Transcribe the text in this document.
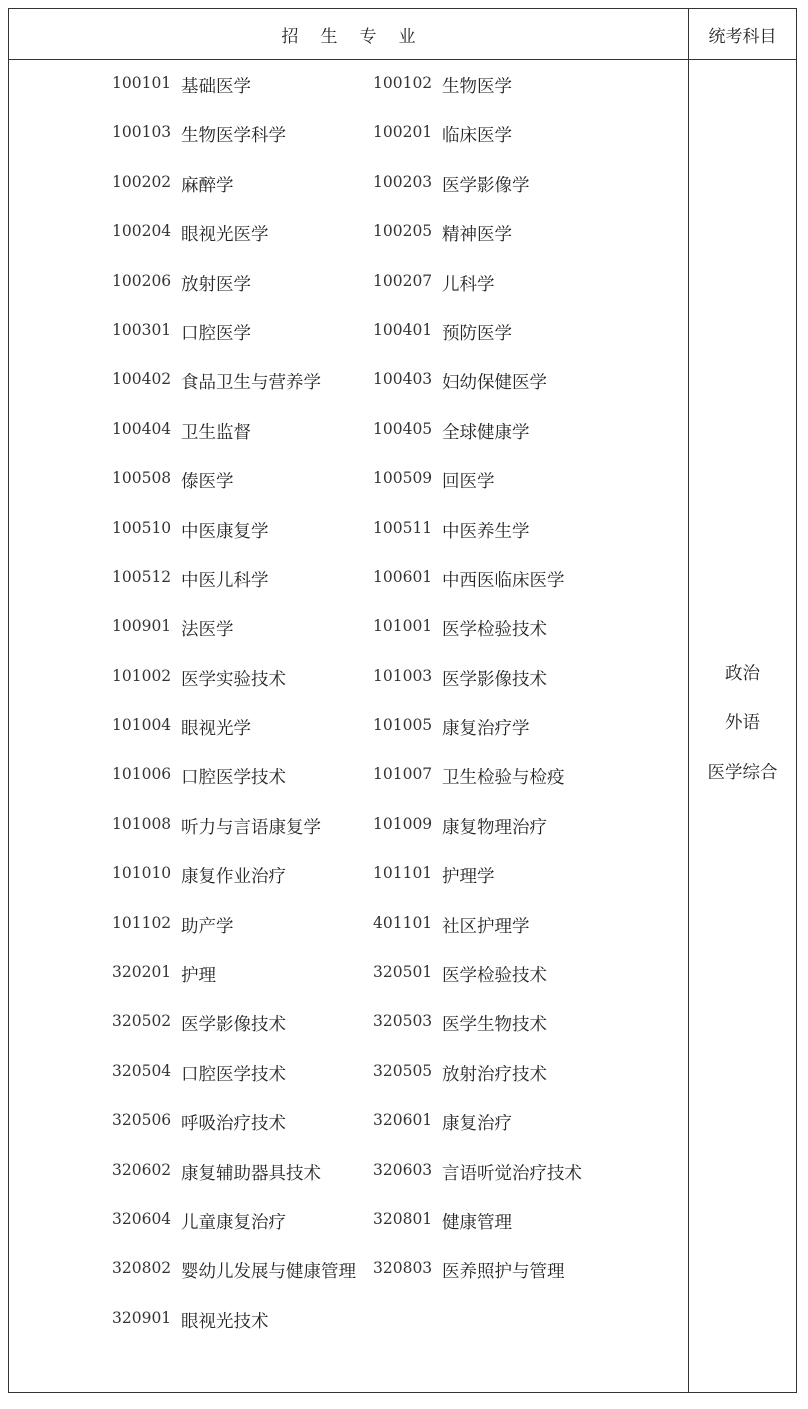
招生专业	统考科目
100101 基础医学	100102 生物医学
100103 生物医学科学	100201 临床医学
100202 麻醉学	100203 医学影像学
100204 眼视光医学	100205 精神医学
100206 放射医学	100207 儿科学
100301 口腔医学	100401 预防医学
100402 食品卫生与营养学	100403 妇幼保健医学
100404 卫生监督	100405 全球健康学
100508 傣医学	100509 回医学
100510 中医康复学	100511 中医养生学
100512 中医儿科学	100601 中西医临床医学
100901 法医学	101001 医学检验技术
101002 医学实验技术	101003 医学影像技术
101004 眼视光学	101005 康复治疗学
101006 口腔医学技术	101007 卫生检验与检疫
101008 听力与言语康复学	101009 康复物理治疗
101010 康复作业治疗	101101 护理学
101102 助产学	401101 社区护理学
320201 护理	320501 医学检验技术
320502 医学影像技术	320503 医学生物技术
320504 口腔医学技术	320505 放射治疗技术
320506 呼吸治疗技术	320601 康复治疗
320602 康复辅助器具技术	320603 言语听觉治疗技术
320604 儿童康复治疗	320801 健康管理
320802 婴幼儿发展与健康管理 320803 医养照护与管理
320901 眼视光技术
政治
外语
医学综合
